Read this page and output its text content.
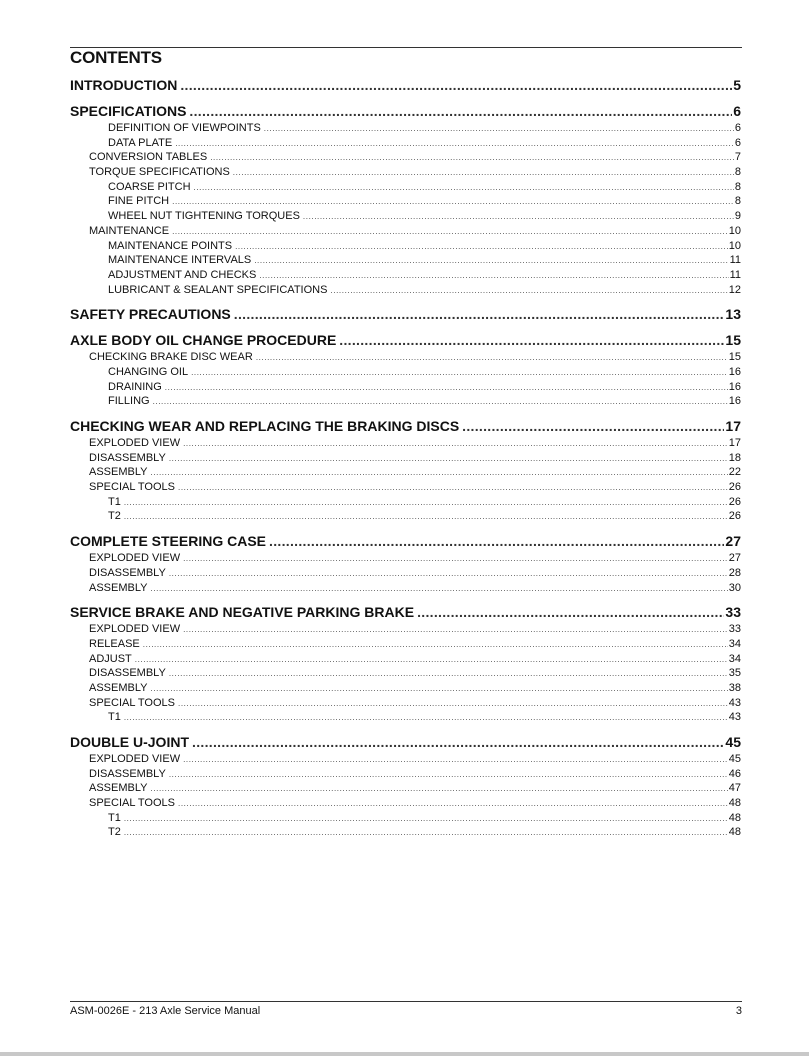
CONTENTS
INTRODUCTION .....	5
SPECIFICATIONS .....	6
DEFINITION OF VIEWPOINTS .....	6
DATA PLATE .....	6
CONVERSION TABLES .....	7
TORQUE SPECIFICATIONS .....	8
COARSE PITCH .....	8
FINE PITCH .....	8
WHEEL NUT TIGHTENING TORQUES .....	9
MAINTENANCE .....	10
MAINTENANCE POINTS .....	10
MAINTENANCE INTERVALS .....	11
ADJUSTMENT AND CHECKS .....	11
LUBRICANT & SEALANT SPECIFICATIONS .....	12
SAFETY PRECAUTIONS .....	13
AXLE BODY OIL CHANGE PROCEDURE .....	15
CHECKING BRAKE DISC WEAR .....	15
CHANGING OIL .....	16
DRAINING .....	16
FILLING .....	16
CHECKING WEAR AND REPLACING THE BRAKING DISCS .....	17
EXPLODED VIEW .....	17
DISASSEMBLY .....	18
ASSEMBLY .....	22
SPECIAL TOOLS .....	26
T1 .....	26
T2 .....	26
COMPLETE STEERING CASE .....	27
EXPLODED VIEW .....	27
DISASSEMBLY .....	28
ASSEMBLY .....	30
SERVICE BRAKE AND NEGATIVE PARKING BRAKE .....	33
EXPLODED VIEW .....	33
RELEASE .....	34
ADJUST .....	34
DISASSEMBLY .....	35
ASSEMBLY .....	38
SPECIAL TOOLS .....	43
T1 .....	43
DOUBLE U-JOINT .....	45
EXPLODED VIEW .....	45
DISASSEMBLY .....	46
ASSEMBLY .....	47
SPECIAL TOOLS .....	48
T1 .....	48
T2 .....	48
ASM-0026E - 213 Axle Service Manual	3
